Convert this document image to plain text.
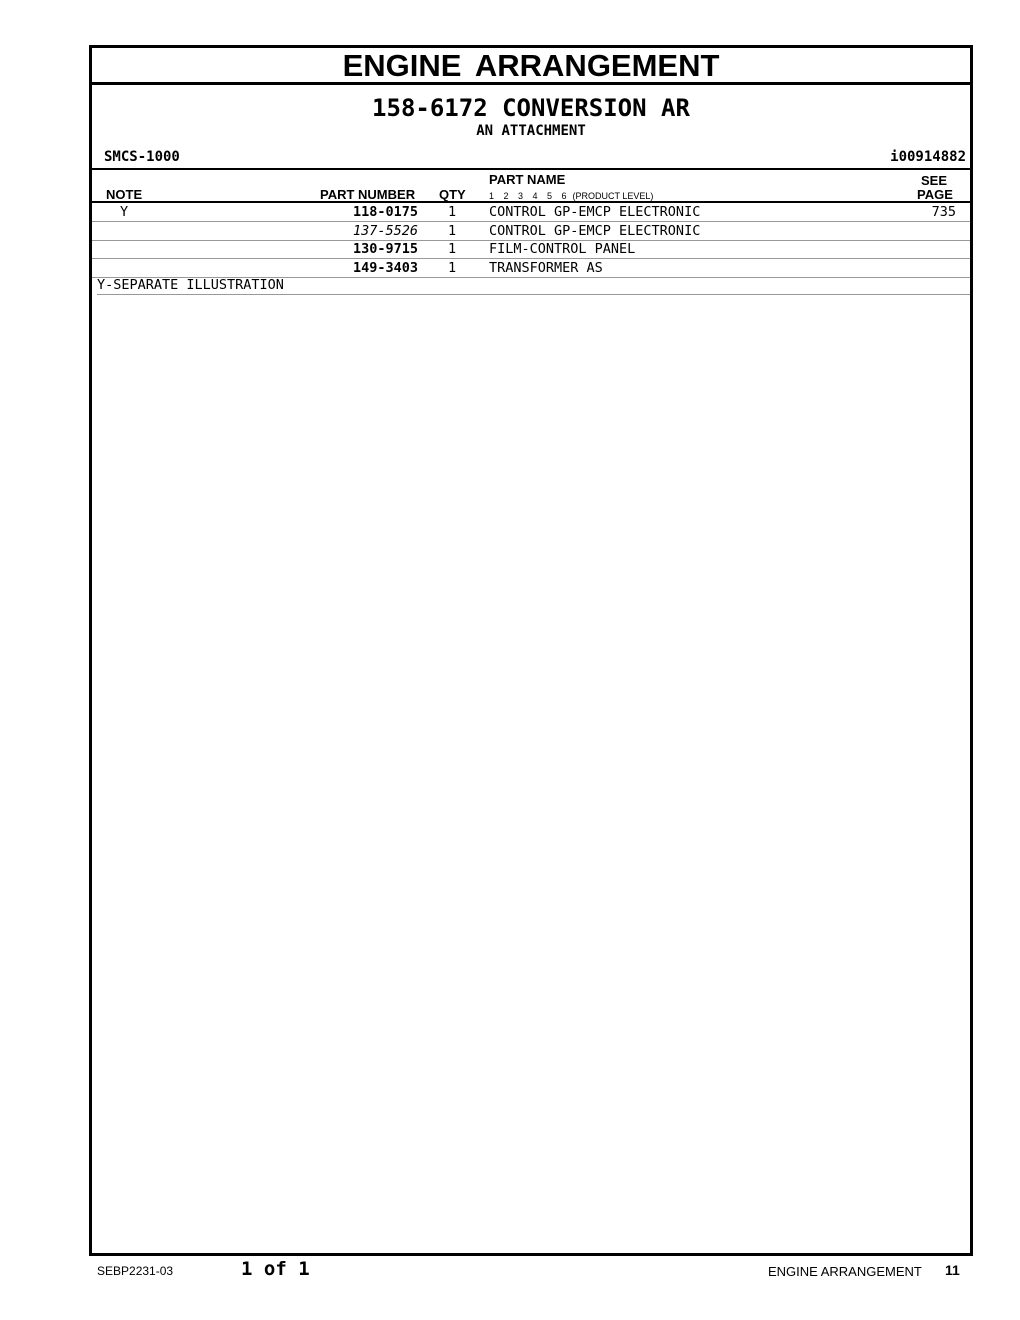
ENGINE ARRANGEMENT
158-6172 CONVERSION AR
AN ATTACHMENT
SMCS-1000	i00914882
NOTE	PART NUMBER QTY
PART NAME
1 2 3 4 5 6 (PRODUCT LEVEL)
SEE
PAGE
Y	118-0175 1 CONTROL GP-EMCP ELECTRONIC	735
137-5526 1 CONTROL GP-EMCP ELECTRONIC
130-9715 1 FILM-CONTROL PANEL
149-3403 1 TRANSFORMER AS
Y-SEPARATE ILLUSTRATION
SEBP2231-03	1 of 1	ENGINE ARRANGEMENT 11
